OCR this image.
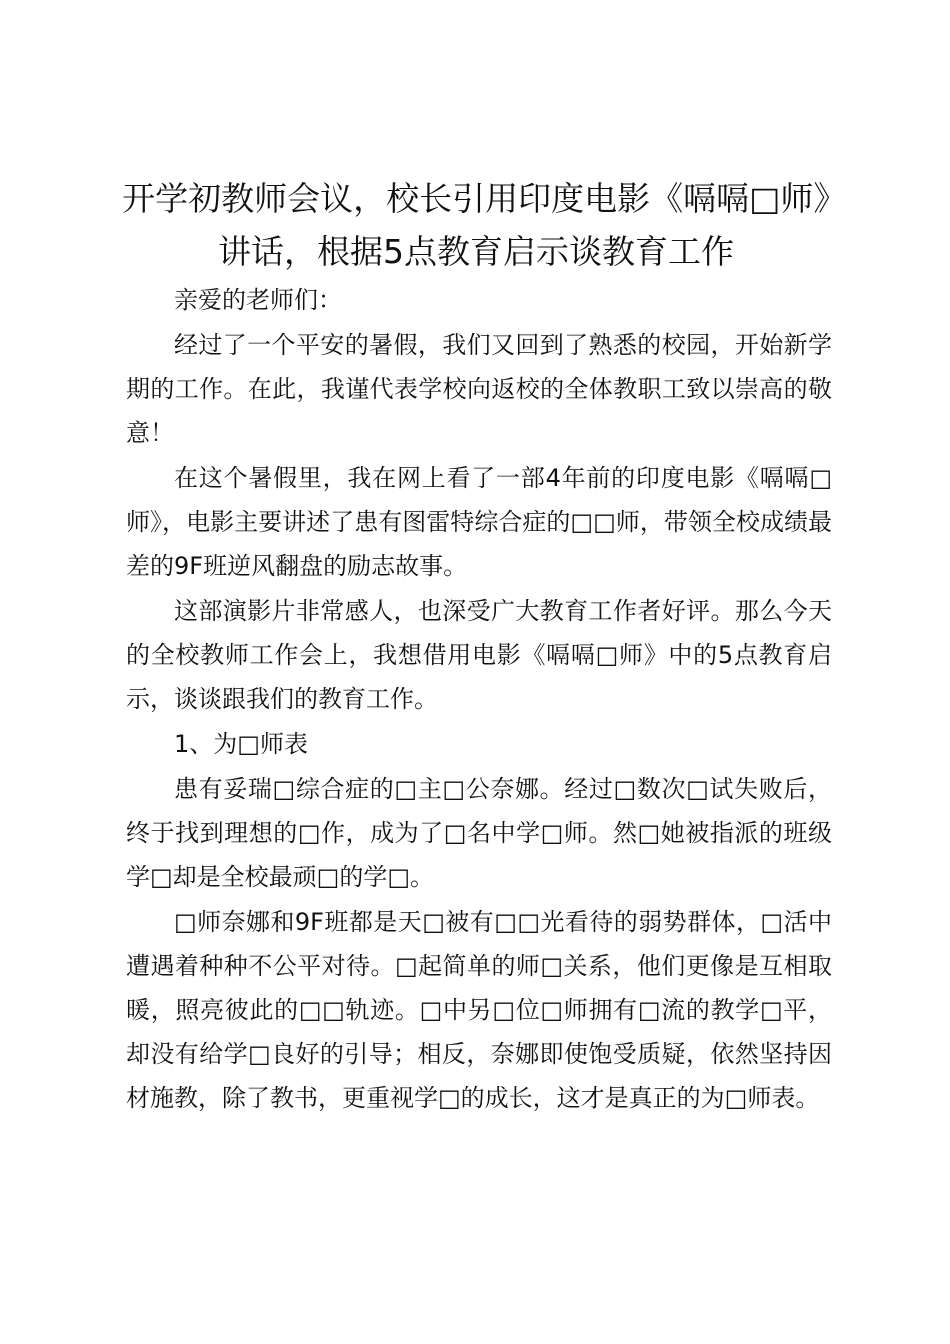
开学初教师会议，校长引用印度电影《嗝嗝□师》讲话，根据5点教育启示谈教育工作

亲爱的老师们：

经过了一个平安的暑假，我们又回到了熟悉的校园，开始新学期的工作。在此，我谨代表学校向返校的全体教职工致以崇高的敬意！

在这个暑假里，我在网上看了一部4年前的印度电影《嗝嗝□师》，电影主要讲述了患有图雷特综合症的□□师，带领全校成绩最差的9F班逆风翻盘的励志故事。

这部演影片非常感人，也深受广大教育工作者好评。那么今天的全校教师工作会上，我想借用电影《嗝嗝□师》中的5点教育启示，谈谈跟我们的教育工作。

1、为□师表

患有妥瑞□综合症的□主□公奈娜。经过□数次□试失败后，终于找到理想的□作，成为了□名中学□师。然□她被指派的班级学□却是全校最顽□的学□。

□师奈娜和9F班都是天□被有□□光看待的弱势群体，□活中遭遇着种种不公平对待。□起简单的师□关系，他们更像是互相取暖，照亮彼此的□□轨迹。□中另□位□师拥有□流的教学□平，却没有给学□良好的引导；相反，奈娜即使饱受质疑，依然坚持因材施教，除了教书，更重视学□的成长，这才是真正的为□师表。
